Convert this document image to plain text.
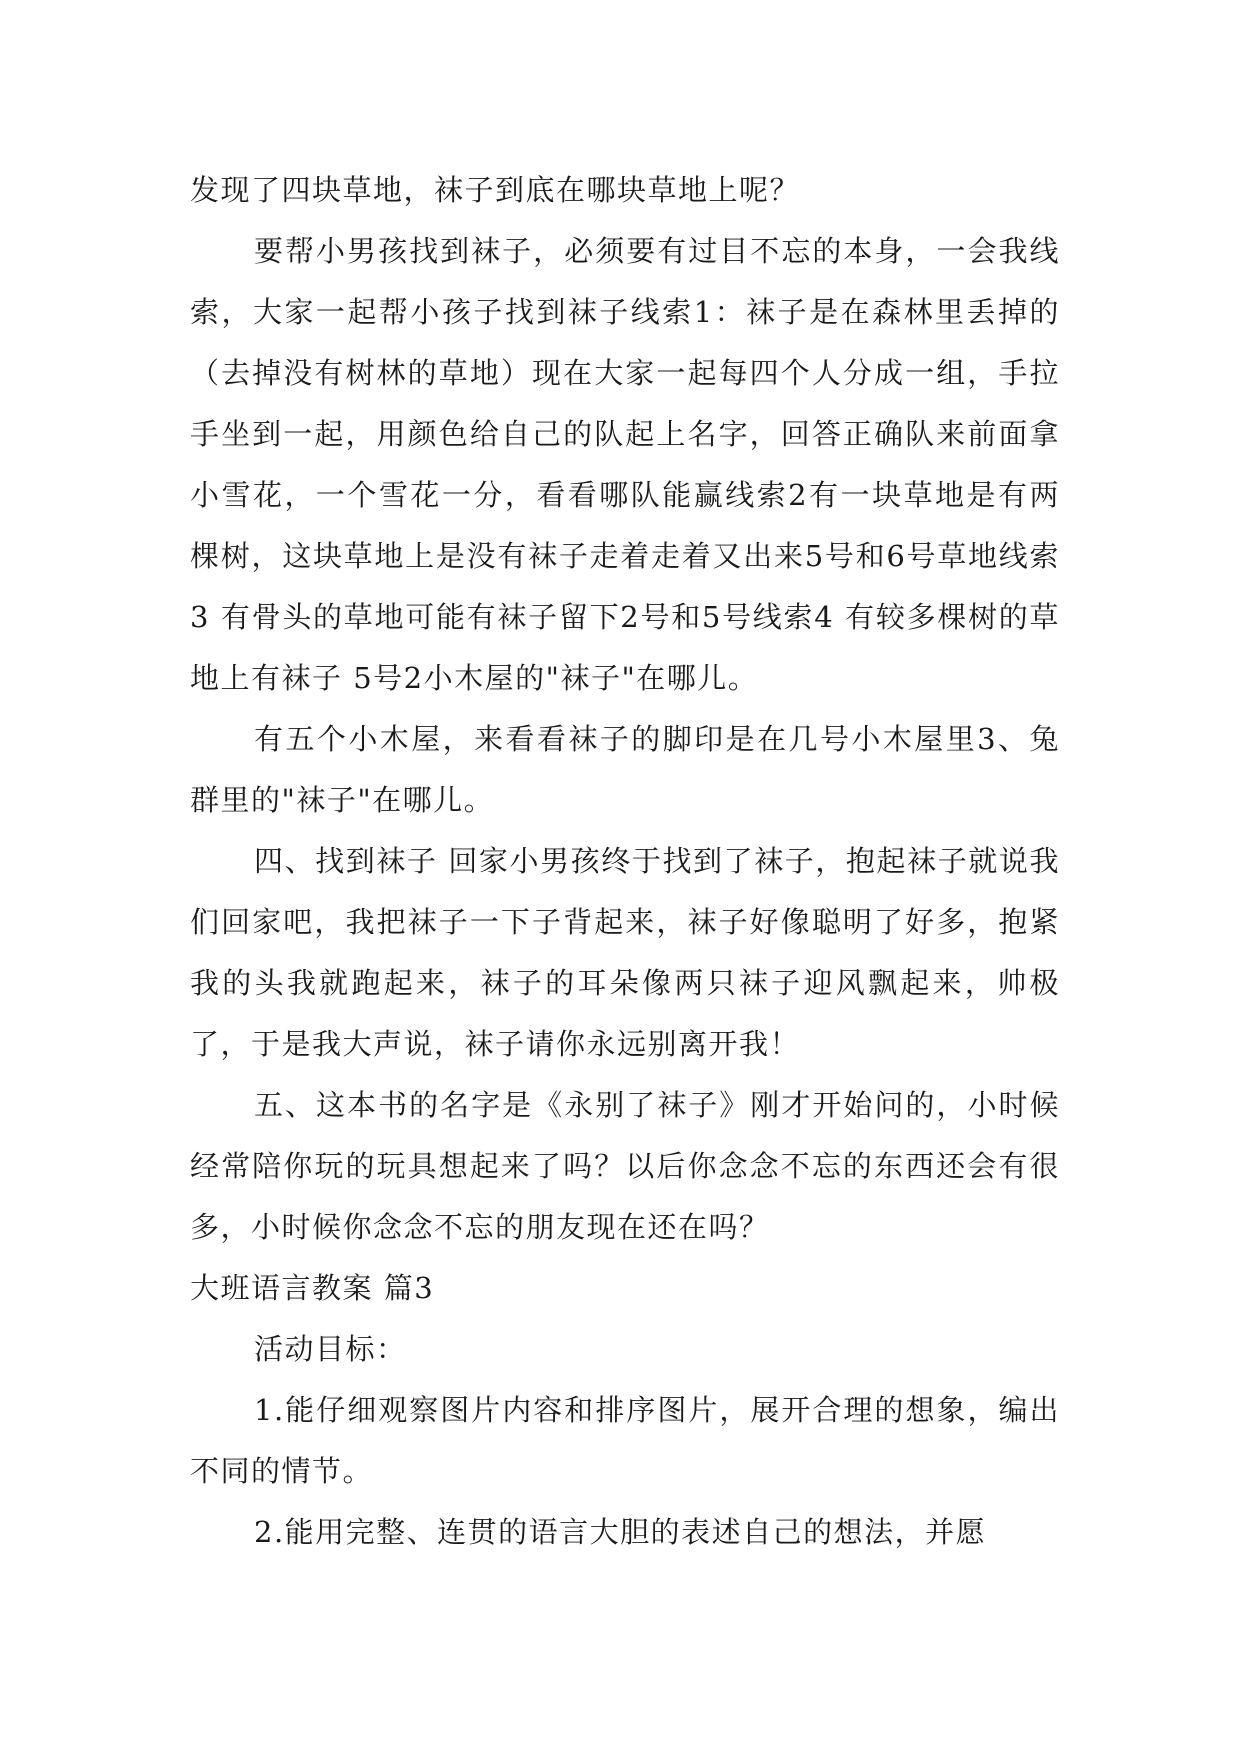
发现了四块草地，袜子到底在哪块草地上呢？

要帮小男孩找到袜子，必须要有过目不忘的本身，一会我线索，大家一起帮小孩子找到袜子线索1：袜子是在森林里丢掉的（去掉没有树林的草地）现在大家一起每四个人分成一组，手拉手坐到一起，用颜色给自己的队起上名字，回答正确队来前面拿小雪花，一个雪花一分，看看哪队能赢线索2有一块草地是有两棵树，这块草地上是没有袜子走着走着又出来5号和6号草地线索3 有骨头的草地可能有袜子留下2号和5号线索4 有较多棵树的草地上有袜子 5号2小木屋的"袜子"在哪儿。

有五个小木屋，来看看袜子的脚印是在几号小木屋里3、兔群里的"袜子"在哪儿。

四、找到袜子 回家小男孩终于找到了袜子，抱起袜子就说我们回家吧，我把袜子一下子背起来，袜子好像聪明了好多，抱紧我的头我就跑起来，袜子的耳朵像两只袜子迎风飘起来，帅极了，于是我大声说，袜子请你永远别离开我！

五、这本书的名字是《永别了袜子》刚才开始问的，小时候经常陪你玩的玩具想起来了吗？以后你念念不忘的东西还会有很多，小时候你念念不忘的朋友现在还在吗？

大班语言教案 篇3

活动目标：

1.能仔细观察图片内容和排序图片，展开合理的想象，编出不同的情节。

2.能用完整、连贯的语言大胆的表述自己的想法，并愿
